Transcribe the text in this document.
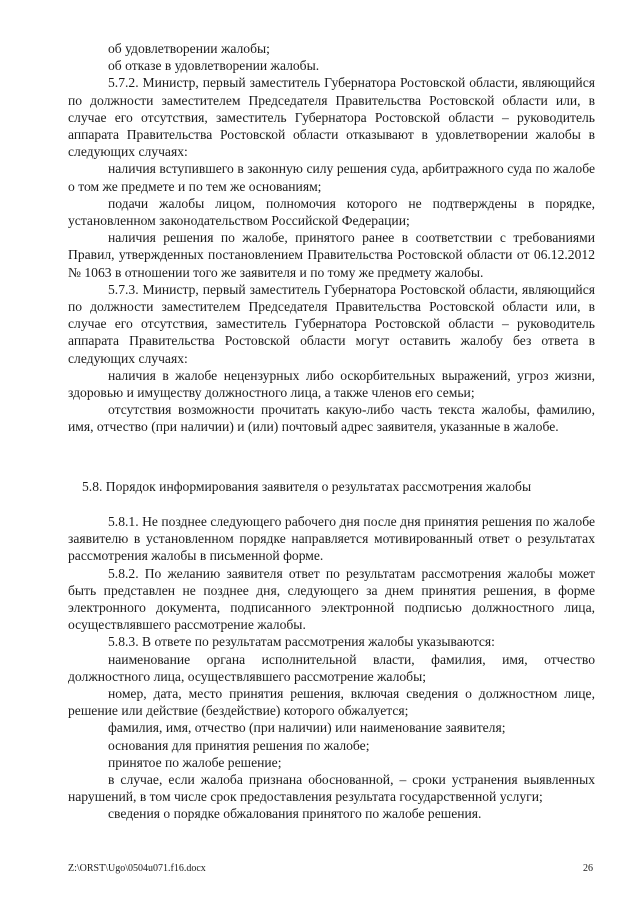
об удовлетворении жалобы;

об отказе в удовлетворении жалобы.

5.7.2. Министр, первый заместитель Губернатора Ростовской области, являющийся по должности заместителем Председателя Правительства Ростовской области или, в случае его отсутствия, заместитель Губернатора Ростовской области – руководитель аппарата Правительства Ростовской области отказывают в удовлетворении жалобы в следующих случаях:

наличия вступившего в законную силу решения суда, арбитражного суда по жалобе о том же предмете и по тем же основаниям;

подачи жалобы лицом, полномочия которого не подтверждены в порядке, установленном законодательством Российской Федерации;

наличия решения по жалобе, принятого ранее в соответствии с требованиями Правил, утвержденных постановлением Правительства Ростовской области от 06.12.2012 № 1063 в отношении того же заявителя и по тому же предмету жалобы.

5.7.3. Министр, первый заместитель Губернатора Ростовской области, являющийся по должности заместителем Председателя Правительства Ростовской области или, в случае его отсутствия, заместитель Губернатора Ростовской области – руководитель аппарата Правительства Ростовской области могут оставить жалобу без ответа в следующих случаях:

наличия в жалобе нецензурных либо оскорбительных выражений, угроз жизни, здоровью и имуществу должностного лица, а также членов его семьи;

отсутствия возможности прочитать какую-либо часть текста жалобы, фамилию, имя, отчество (при наличии) и (или) почтовый адрес заявителя, указанные в жалобе.

5.8. Порядок информирования заявителя о результатах рассмотрения жалобы

5.8.1. Не позднее следующего рабочего дня после дня принятия решения по жалобе заявителю в установленном порядке направляется мотивированный ответ о результатах рассмотрения жалобы в письменной форме.

5.8.2. По желанию заявителя ответ по результатам рассмотрения жалобы может быть представлен не позднее дня, следующего за днем принятия решения, в форме электронного документа, подписанного электронной подписью должностного лица, осуществлявшего рассмотрение жалобы.

5.8.3. В ответе по результатам рассмотрения жалобы указываются:

наименование органа исполнительной власти, фамилия, имя, отчество должностного лица, осуществлявшего рассмотрение жалобы;

номер, дата, место принятия решения, включая сведения о должностном лице, решение или действие (бездействие) которого обжалуется;

фамилия, имя, отчество (при наличии) или наименование заявителя;

основания для принятия решения по жалобе;

принятое по жалобе решение;

в случае, если жалоба признана обоснованной, – сроки устранения выявленных нарушений, в том числе срок предоставления результата государственной услуги;

сведения о порядке обжалования принятого по жалобе решения.

Z:\ORST\Ugo\0504u071.f16.docx	26
